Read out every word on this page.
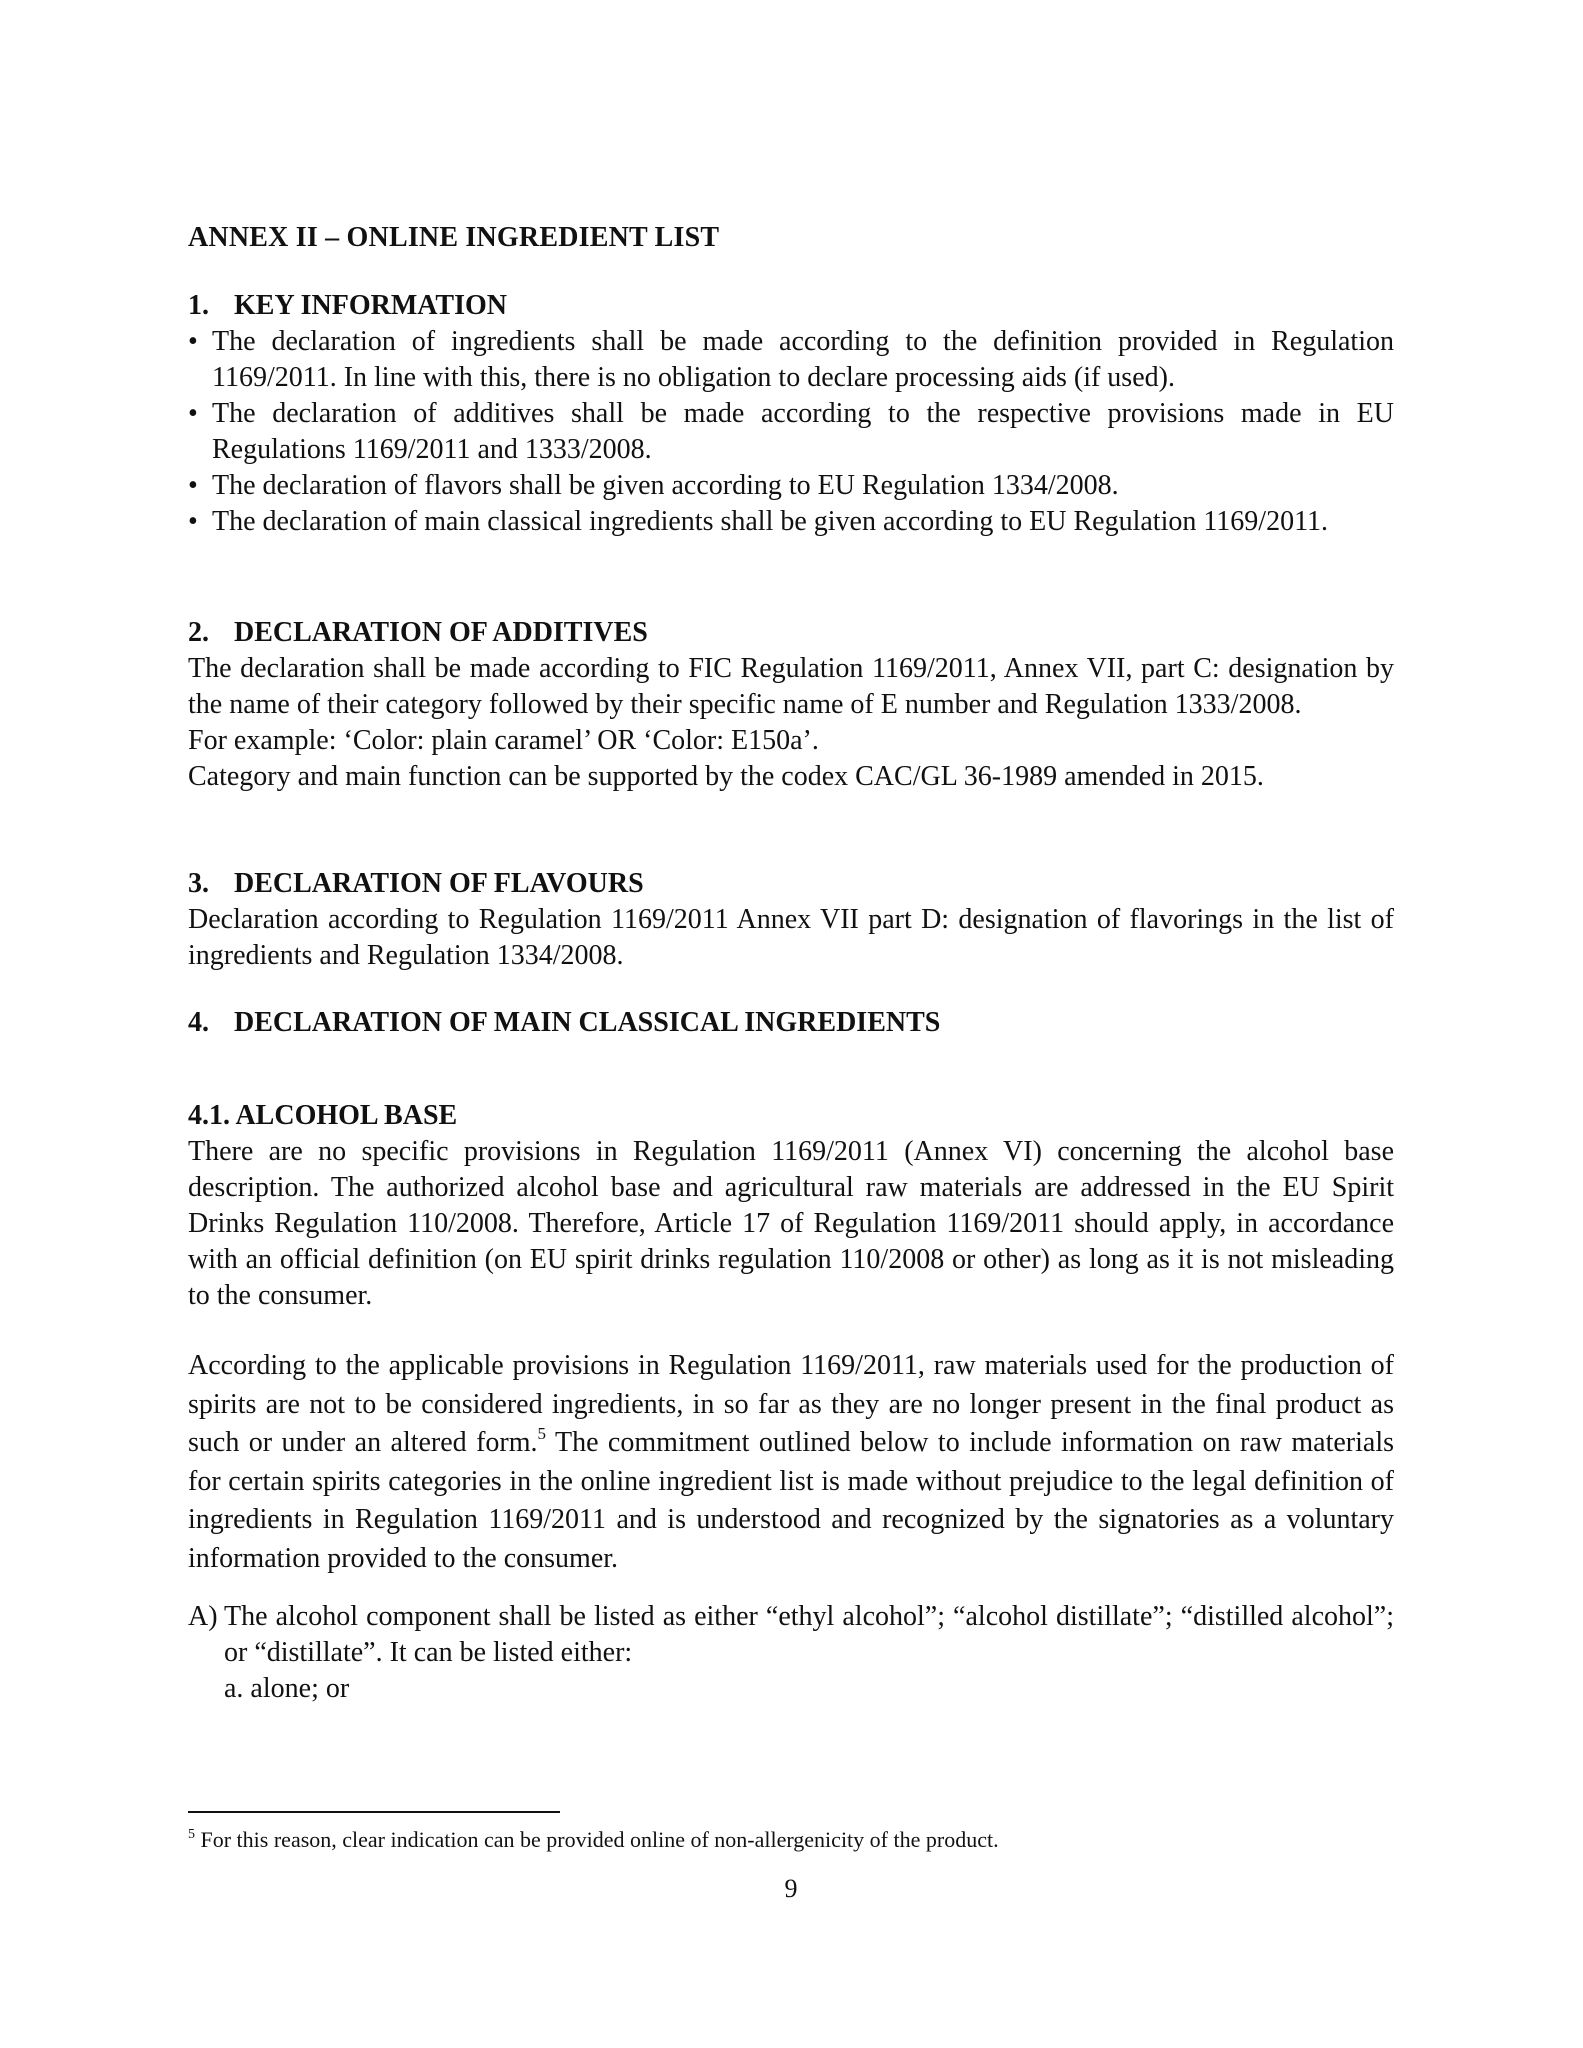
ANNEX II – ONLINE INGREDIENT LIST
1. KEY INFORMATION
• The declaration of ingredients shall be made according to the definition provided in Regulation 1169/2011. In line with this, there is no obligation to declare processing aids (if used).
• The declaration of additives shall be made according to the respective provisions made in EU Regulations 1169/2011 and 1333/2008.
• The declaration of flavors shall be given according to EU Regulation 1334/2008.
• The declaration of main classical ingredients shall be given according to EU Regulation 1169/2011.
2. DECLARATION OF ADDITIVES

The declaration shall be made according to FIC Regulation 1169/2011, Annex VII, part C: designation by the name of their category followed by their specific name of E number and Regulation 1333/2008.

For example: ‘Color: plain caramel’ OR ‘Color: E150a’.
Category and main function can be supported by the codex CAC/GL 36-1989 amended in 2015.
3. DECLARATION OF FLAVOURS

Declaration according to Regulation 1169/2011 Annex VII part D: designation of flavorings in the list of ingredients and Regulation 1334/2008.

4. DECLARATION OF MAIN CLASSICAL INGREDIENTS
4.1. ALCOHOL BASE

There are no specific provisions in Regulation 1169/2011 (Annex VI) concerning the alcohol base description. The authorized alcohol base and agricultural raw materials are addressed in the EU Spirit Drinks Regulation 110/2008. Therefore, Article 17 of Regulation 1169/2011 should apply, in accordance with an official definition (on EU spirit drinks regulation 110/2008 or other) as long as it is not misleading to the consumer.

According to the applicable provisions in Regulation 1169/2011, raw materials used for the production of spirits are not to be considered ingredients, in so far as they are no longer present in the final product as such or under an altered form.$^5$ The commitment outlined below to include information on raw materials for certain spirits categories in the online ingredient list is made without prejudice to the legal definition of ingredients in Regulation 1169/2011 and is understood and recognized by the signatories as a voluntary information provided to the consumer.

A) The alcohol component shall be listed as either “ethyl alcohol”; “alcohol distillate”; “distilled alcohol”; or “distillate”. It can be listed either:
a. alone; or
$^5$ For this reason, clear indication can be provided online of non-allergenicity of the product.
9
